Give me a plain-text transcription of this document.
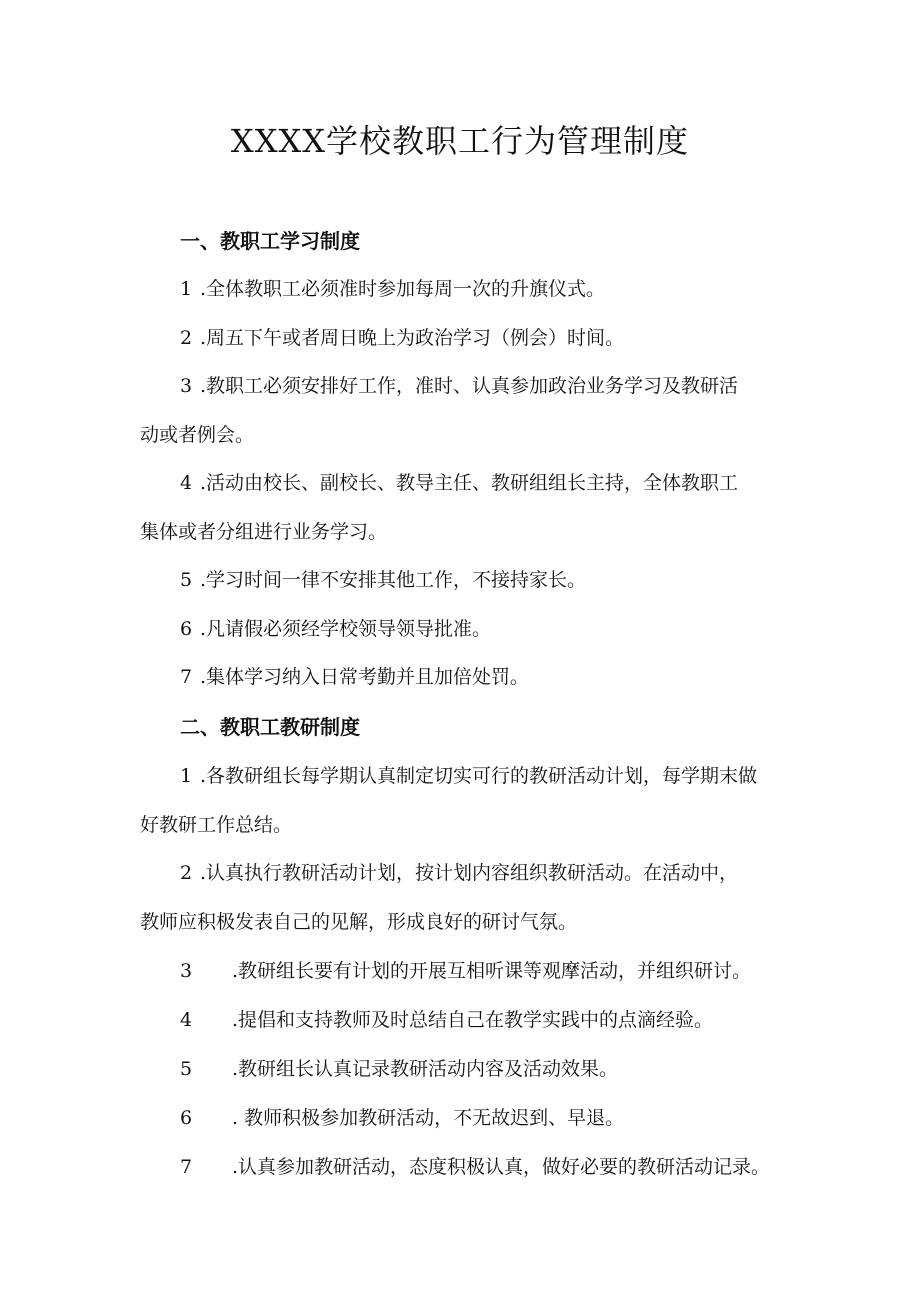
XXXX学校教职工行为管理制度
一、教职工学习制度
1 .全体教职工必须准时参加每周一次的升旗仪式。
2 .周五下午或者周日晚上为政治学习（例会）时间。
3 .教职工必须安排好工作，准时、认真参加政治业务学习及教研活
动或者例会。
4 .活动由校长、副校长、教导主任、教研组组长主持，全体教职工
集体或者分组进行业务学习。
5 .学习时间一律不安排其他工作，不接持家长。
6 .凡请假必须经学校领导领导批准。
7 .集体学习纳入日常考勤并且加倍处罚。
二、教职工教研制度
1 .各教研组长每学期认真制定切实可行的教研活动计划，每学期末做
好教研工作总结。
2 .认真执行教研活动计划，按计划内容组织教研活动。在活动中，
教师应积极发表自己的见解，形成良好的研讨气氛。
3 .教研组长要有计划的开展互相听课等观摩活动，并组织研讨。
4 .提倡和支持教师及时总结自己在教学实践中的点滴经验。
5 .教研组长认真记录教研活动内容及活动效果。
6 . 教师积极参加教研活动，不无故迟到、早退。
7 .认真参加教研活动，态度积极认真，做好必要的教研活动记录。
